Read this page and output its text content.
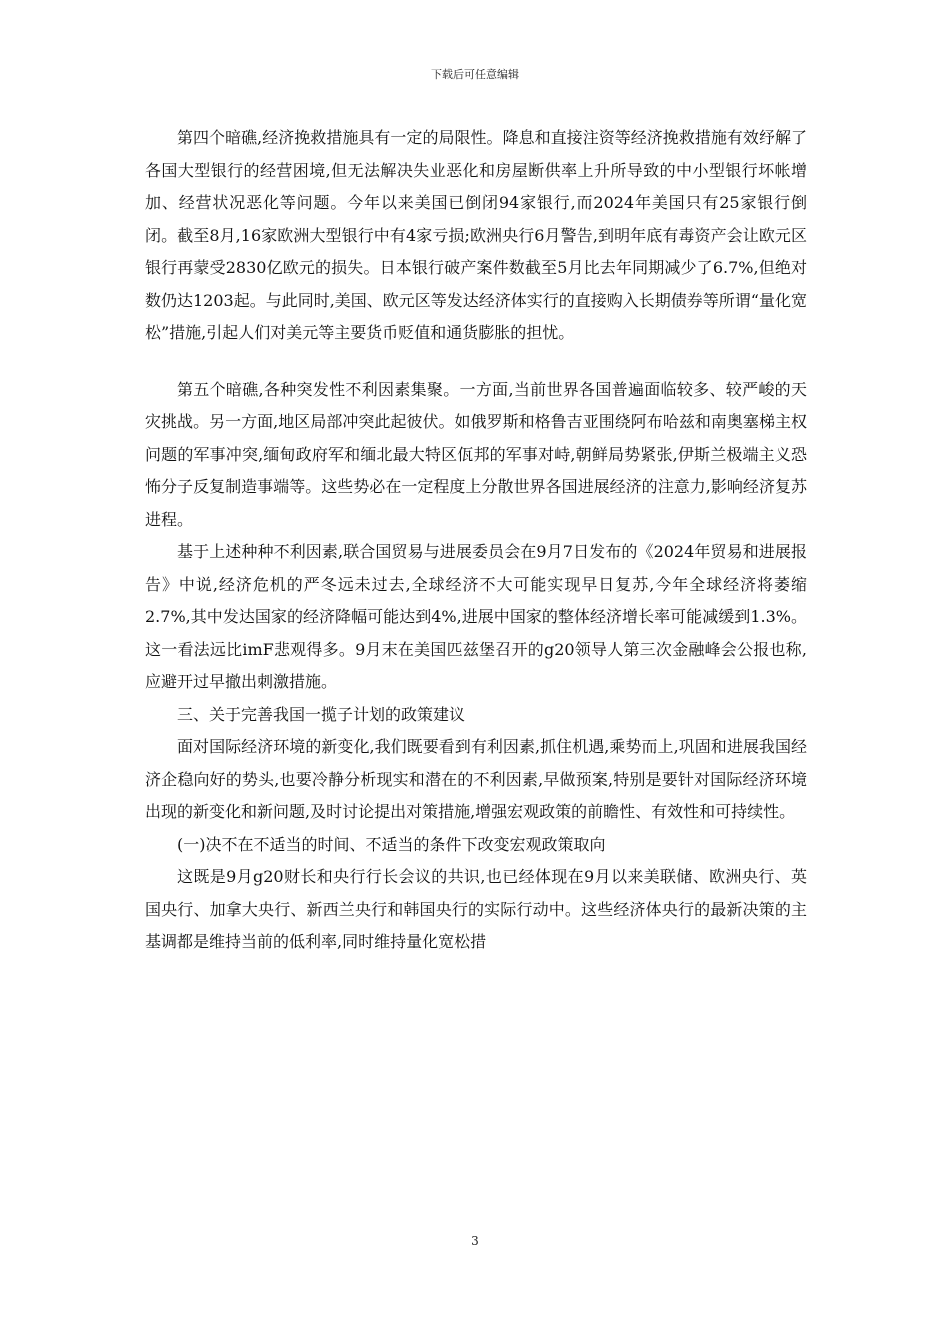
下载后可任意编辑

第四个暗礁,经济挽救措施具有一定的局限性。降息和直接注资等经济挽救措施有效纾解了各国大型银行的经营困境,但无法解决失业恶化和房屋断供率上升所导致的中小型银行坏帐增加、经营状况恶化等问题。今年以来美国已倒闭94家银行,而2024年美国只有25家银行倒闭。截至8月,16家欧洲大型银行中有4家亏损;欧洲央行6月警告,到明年底有毒资产会让欧元区银行再蒙受2830亿欧元的损失。日本银行破产案件数截至5月比去年同期减少了6.7%,但绝对数仍达1203起。与此同时,美国、欧元区等发达经济体实行的直接购入长期债券等所谓“量化宽松”措施,引起人们对美元等主要货币贬值和通货膨胀的担忧。

第五个暗礁,各种突发性不利因素集聚。一方面,当前世界各国普遍面临较多、较严峻的天灾挑战。另一方面,地区局部冲突此起彼伏。如俄罗斯和格鲁吉亚围绕阿布哈兹和南奥塞梯主权问题的军事冲突,缅甸政府军和缅北最大特区佤邦的军事对峙,朝鲜局势紧张,伊斯兰极端主义恐怖分子反复制造事端等。这些势必在一定程度上分散世界各国进展经济的注意力,影响经济复苏进程。

基于上述种种不利因素,联合国贸易与进展委员会在9月7日发布的《2024年贸易和进展报告》中说,经济危机的严冬远未过去,全球经济不大可能实现早日复苏,今年全球经济将萎缩2.7%,其中发达国家的经济降幅可能达到4%,进展中国家的整体经济增长率可能减缓到1.3%。这一看法远比imF悲观得多。9月末在美国匹兹堡召开的g20领导人第三次金融峰会公报也称,应避开过早撤出刺激措施。

三、关于完善我国一揽子计划的政策建议

面对国际经济环境的新变化,我们既要看到有利因素,抓住机遇,乘势而上,巩固和进展我国经济企稳向好的势头,也要冷静分析现实和潜在的不利因素,早做预案,特别是要针对国际经济环境出现的新变化和新问题,及时讨论提出对策措施,增强宏观政策的前瞻性、有效性和可持续性。

(一)决不在不适当的时间、不适当的条件下改变宏观政策取向

这既是9月g20财长和央行行长会议的共识,也已经体现在9月以来美联储、欧洲央行、英国央行、加拿大央行、新西兰央行和韩国央行的实际行动中。这些经济体央行的最新决策的主基调都是维持当前的低利率,同时维持量化宽松措

3
